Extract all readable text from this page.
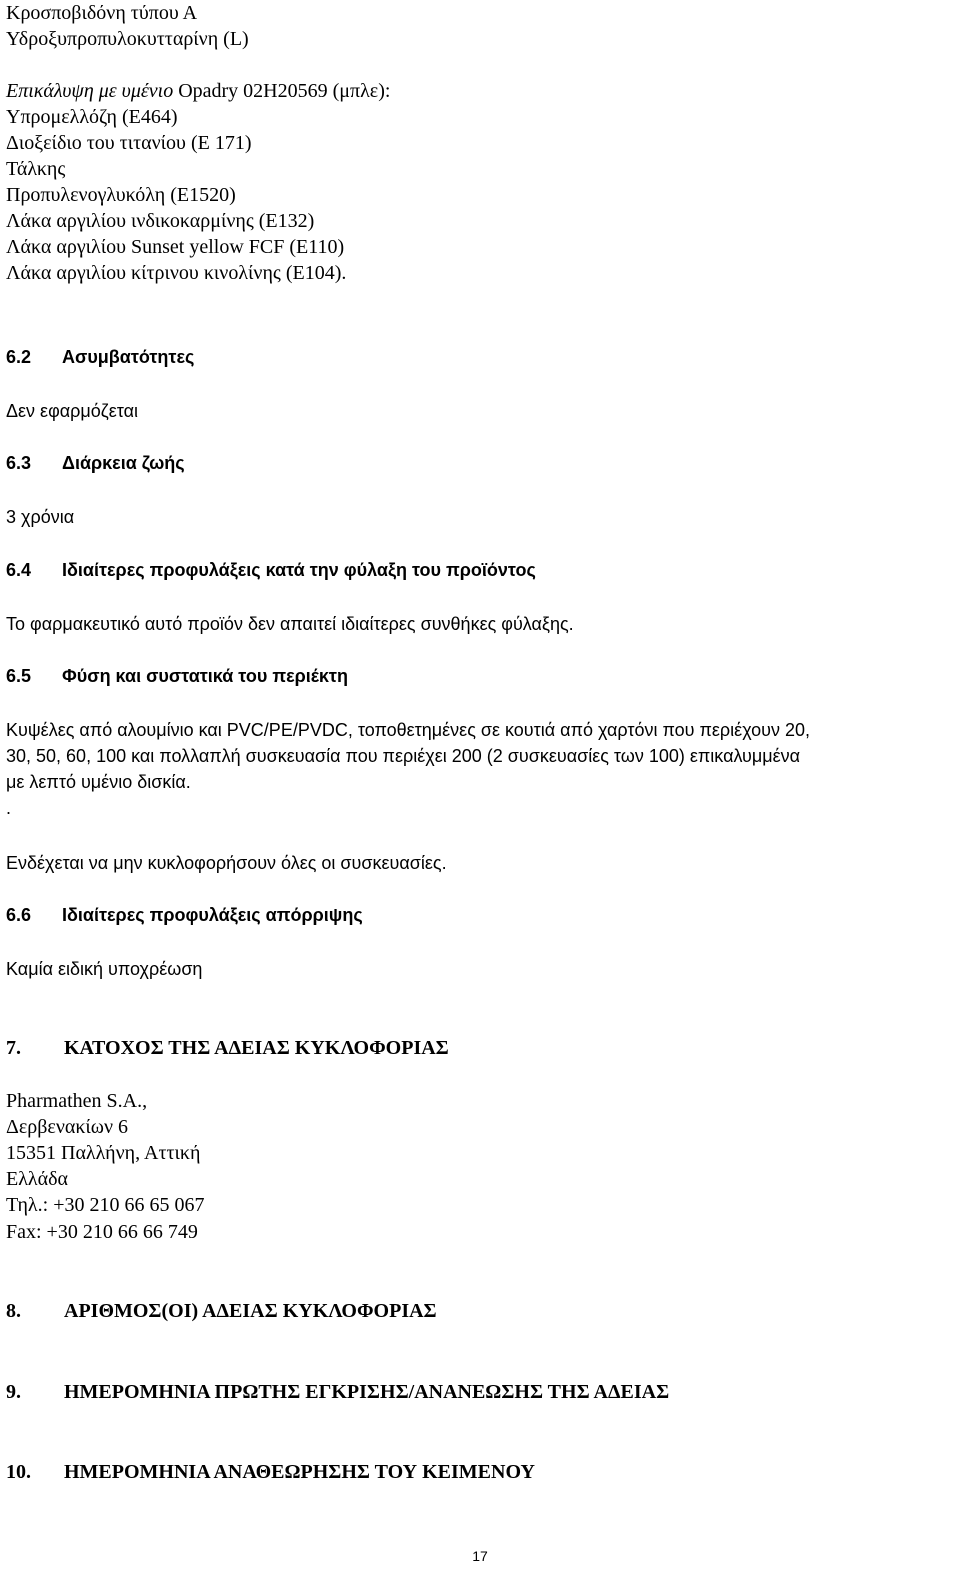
Κροσποβιδόνη τύπου Α
Υδροξυπροπυλοκυτταρίνη (L)
Επικάλυψη με υμένιο Opadry 02H20569 (μπλε):
Υπρομελλόζη (E464)
Διοξείδιο του τιτανίου (E 171)
Τάλκης
Προπυλενογλυκόλη (E1520)
Λάκα αργιλίου ινδικοκαρμίνης (E132)
Λάκα αργιλίου Sunset yellow FCF (E110)
Λάκα αργιλίου κίτρινου κινολίνης (E104).
6.2 Ασυμβατότητες
Δεν εφαρμόζεται
6.3 Διάρκεια ζωής
3 χρόνια
6.4 Ιδιαίτερες προφυλάξεις κατά την φύλαξη του προϊόντος
Το φαρμακευτικό αυτό προϊόν δεν απαιτεί ιδιαίτερες συνθήκες φύλαξης.
6.5 Φύση και συστατικά του περιέκτη
Κυψέλες από αλουμίνιο και PVC/PE/PVDC, τοποθετημένες σε κουτιά από χαρτόνι που περιέχουν 20,
30, 50, 60, 100 και πολλαπλή συσκευασία που περιέχει 200 (2 συσκευασίες των 100) επικαλυμμένα
με λεπτό υμένιο δισκία.
.
Ενδέχεται να μην κυκλοφορήσουν όλες οι συσκευασίες.
6.6 Ιδιαίτερες προφυλάξεις απόρριψης
Καμία ειδική υποχρέωση
7. ΚΑΤΟΧΟΣ ΤΗΣ ΑΔΕΙΑΣ ΚΥΚΛΟΦΟΡΙΑΣ
Pharmathen S.A.,
Δερβενακίων 6
15351 Παλλήνη, Αττική
Ελλάδα
Τηλ.: +30 210 66 65 067
Fax: +30 210 66 66 749
8. ΑΡΙΘΜΟΣ(ΟΙ) ΑΔΕΙΑΣ ΚΥΚΛΟΦΟΡΙΑΣ
9. ΗΜΕΡΟΜΗΝΙΑ ΠΡΩΤΗΣ ΕΓΚΡΙΣΗΣ/ΑΝΑΝΕΩΣΗΣ ΤΗΣ ΑΔΕΙΑΣ
10. ΗΜΕΡΟΜΗΝΙΑ ΑΝΑΘΕΩΡΗΣΗΣ ΤΟΥ ΚΕΙΜΕΝΟΥ
17
